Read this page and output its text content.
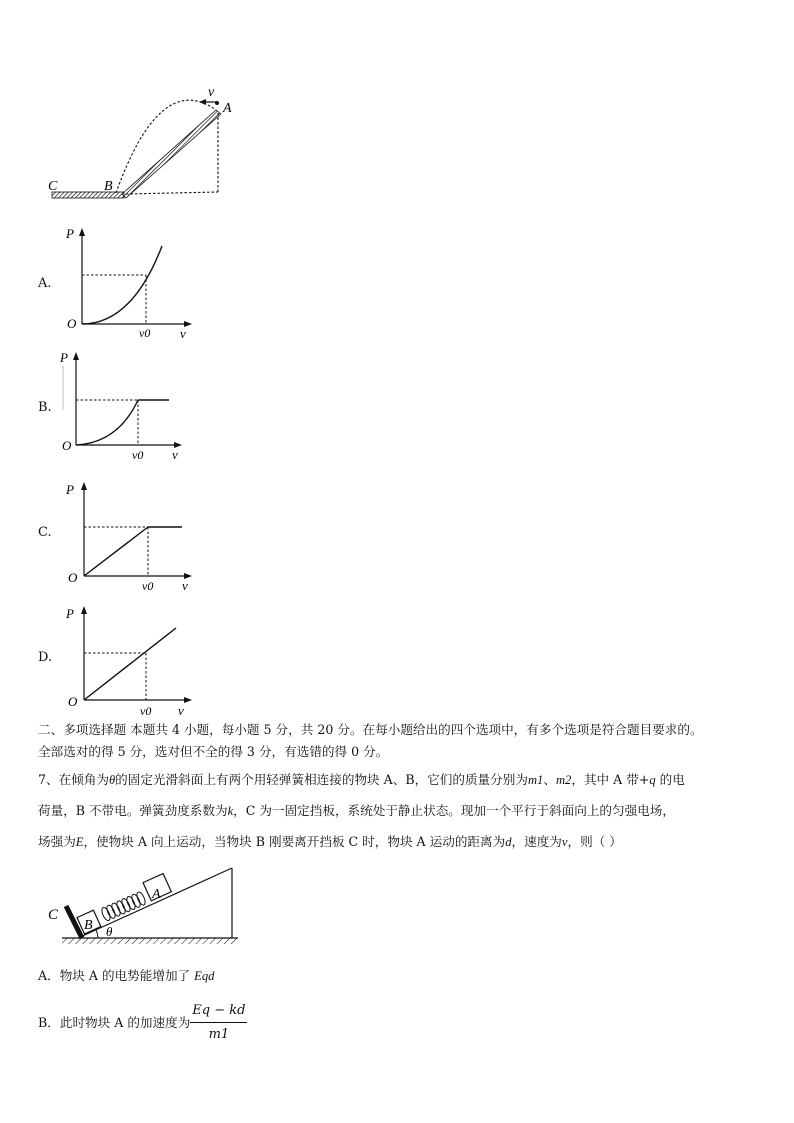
v
A
B
C
A.
P
O
v
v0
B.
P
O
v
v0
C.
P
O
v
v0
D.
P
O
v
v0
二、多项选择题 本题共 4 小题，每小题 5 分，共 20 分。在每小题给出的四个选项中，有多个选项是符合题目要求的。
全部选对的得 5 分，选对但不全的得 3 分，有选错的得 0 分。
7、在倾角为θ的固定光滑斜面上有两个用轻弹簧相连接的物块 A、B，它们的质量分别为m1、m2，其中 A 带+q 的电
荷量，B 不带电。弹簧劲度系数为k，C 为一固定挡板，系统处于静止状态。现加一个平行于斜面向上的匀强电场，
场强为E，使物块 A 向上运动，当物块 B 刚要离开挡板 C 时，物块 A 运动的距离为d，速度为v，则（ ）
C
B
A
θ
A．物块 A 的电势能增加了 Eqd
B．此时物块 A 的加速度为 $\frac{Eq - kd}{m1}$
